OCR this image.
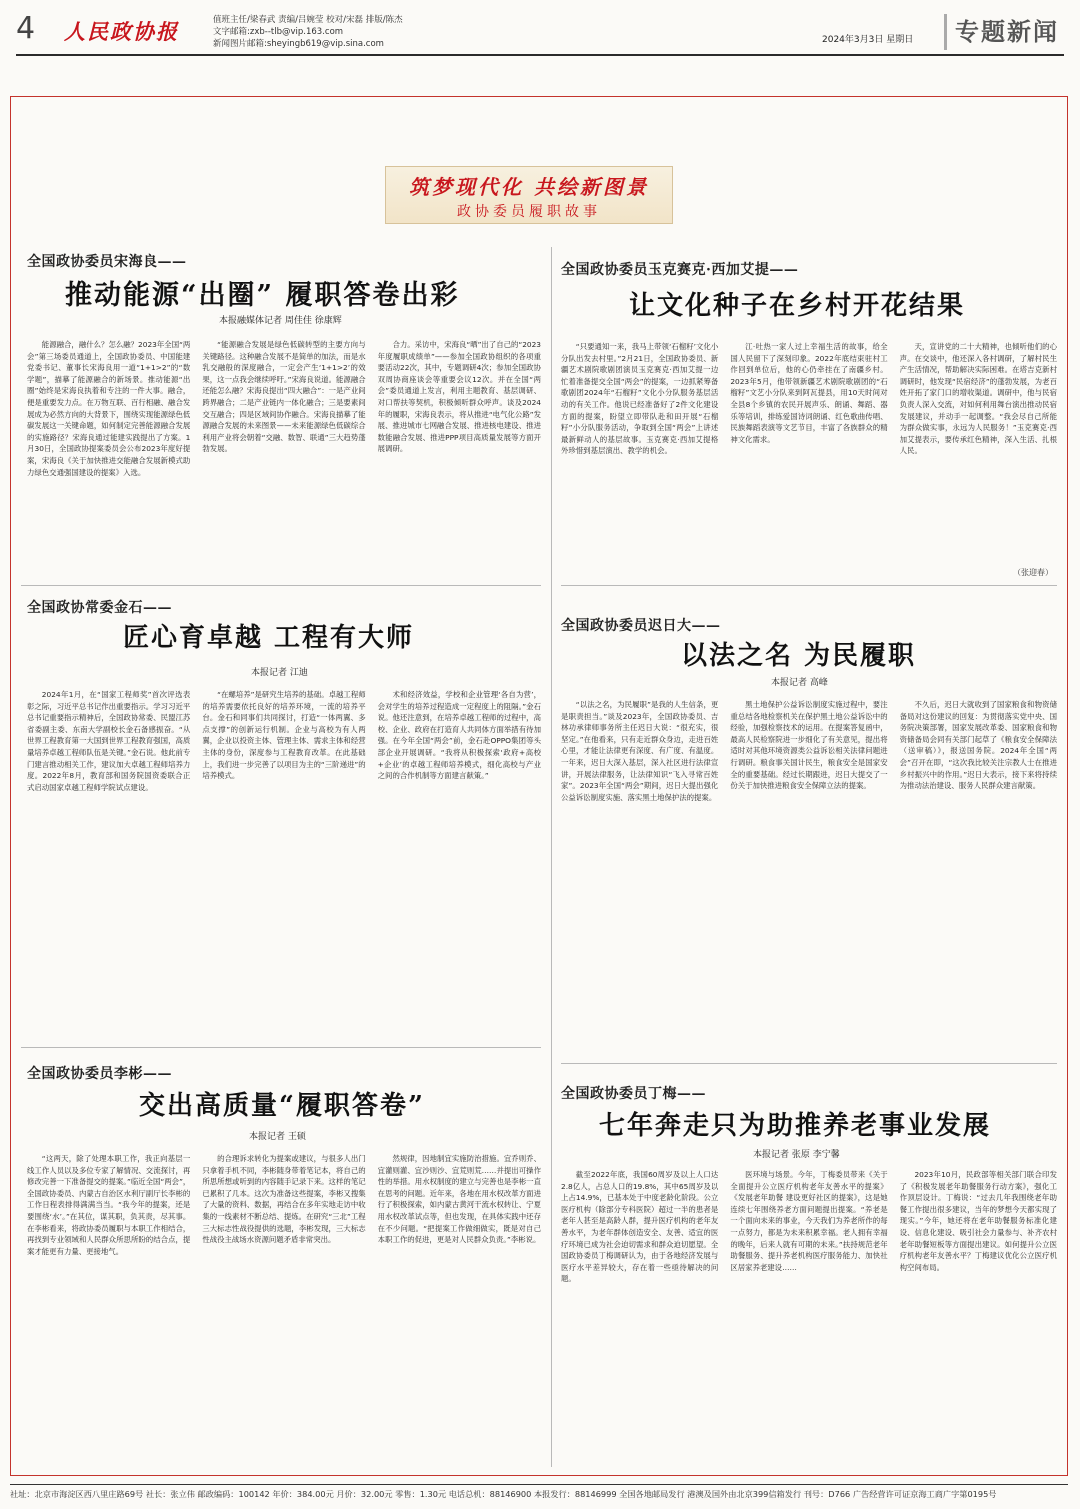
4	人民政协报	值班主任/梁春武 责编/吕婉莹 校对/宋磊 排版/陈杰
文字邮箱:zxb--tlb@vip.163.com
新闻图片邮箱:sheyingb619@vip.sina.com	2024年3月3日 星期日	专题新闻
筑梦现代化 共绘新图景
政协委员履职故事
全国政协委员宋海良——
推动能源“出圈” 履职答卷出彩
本报融媒体记者 周佳佳 徐康辉

能源融合，融什么？怎么融？2023年全国“两会”第三场委员通道上，全国政协委员、中国能建党委书记、董事长宋海良用一道“1+1>2”的“数学题”，描摹了能源融合的新场景。推动能源“出圈”始终是宋海良执着和专注的一件大事。融合，便是重要发力点。在万物互联、百行相融、融合发展成为必然方向的大背景下，围绕实现能源绿色低碳发展这一关键命题，如何制定完善能源融合发展的实施路径？宋海良通过能建实践提出了方案。1月30日，全国政协提案委员会公布2023年度好提案，宋海良《关于加快推进交能融合发展新模式助力绿色交通强国建设的提案》入选。

“能源融合发展是绿色低碳转型的主要方向与关键路径。这种融合发展不是简单的加法，而是水乳交融般的深度融合，一定会产生‘1+1>2’的效果，这一点我会继续呼吁。”宋海良说道。能源融合还能怎么融？宋海良提出“四大融合”：一是产业间跨界融合；二是产业链内一体化融合；三是要素间交互融合；四是区域间协作融合。宋海良描摹了能源融合发展的未来图景——未来能源绿色低碳综合利用产业将会朝着“交融、数智、联通”三大趋势蓬勃发展。

合力。采访中，宋海良“晒”出了自己的“2023年度履职成绩单”——参加全国政协组织的各项重要活动22次，其中，专题调研4次；参加全国政协双周协商座谈会等重要会议12次。并在全国“两会”委员通道上发言，利用主题教育、基层调研、对口帮扶等契机，积极倾听群众呼声。谈及2024年的履职，宋海良表示，将从推进“电气化公路”发展、推进城市七网融合发展、推进核电建设、推进数能融合发展、推进PPP项目高质量发展等方面开展调研。

全国政协委员玉克赛克·西加艾提——
让文化种子在乡村开花结果

“只要通知一来，我马上带领‘石榴籽’文化小分队出发去村里。”2月21日，全国政协委员、新疆艺术剧院歌剧团演员玉克赛克·西加艾提一边忙着准备提交全国“两会”的提案，一边抓紧筹备歌剧团2024年“石榴籽”文化小分队服务基层活动的有关工作。他说已经准备好了2件文化建设方面的提案，盼望立即带队赴和田开展“石榴籽”小分队服务活动，争取到全国“两会”上讲述最新鲜动人的基层故事。玉克赛克·西加艾提格外珍惜到基层演出、教学的机会。

江·吐热一家人过上幸福生活的故事，给全国人民留下了深刻印象。2022年底结束驻村工作回到单位后，他的心仍牵挂在了南疆乡村。2023年5月，他带领新疆艺术剧院歌剧团的“石榴籽”文艺小分队来到阿瓦提县，用10天时间对全县8个乡镇的农民开展声乐、朗诵、舞蹈、器乐等培训，排练爱国诗词朗诵、红色歌曲传唱、民族舞蹈表演等文艺节目，丰富了各族群众的精神文化需求。

天，宣讲党的二十大精神，也倾听他们的心声。在交谈中，他还深入各村调研，了解村民生产生活情况，帮助解决实际困难。在塔吉克新村调研时，他发现“民宿经济”的蓬勃发展，为老百姓开拓了家门口的增收渠道。调研中，他与民宿负责人深入交流，对如何利用舞台演出推动民宿发展建议，并动手一起调整。“我会尽自己所能为群众做实事，永远为人民服务！”玉克赛克·西加艾提表示，要传承红色精神，深入生活、扎根人民。

（张迎春）
全国政协常委金石——
匠心育卓越 工程有大师
本报记者 江迪

2024年1月，在“国家工程师奖”首次评选表彰之际，习近平总书记作出重要指示。学习习近平总书记重要指示精神后，全国政协常委、民盟江苏省委副主委、东南大学副校长金石备感振奋。“从世界工程教育第一大国到世界工程教育强国，高质量培养卓越工程师队伍是关键。”金石说。他此前专门建言推动相关工作，建议加大卓越工程师培养力度。2022年8月，教育部和国务院国资委联合正式启动国家卓越工程师学院试点建设。

“在螺培养”是研究生培养的基础。卓越工程师的培养需要依托良好的培养环境，一流的培养平台。金石和同事们共同探讨，打造“一体两翼、多点支撑”的创新运行机制。企业与高校为有人两翼，企业以投资主体、管理主体、需求主体和经营主体的身份，深度参与工程教育改革。在此基础上，我们进一步完善了以项目为主的“三阶递进”的培养模式。

术和经济效益，学校和企业管理‘各自为营’，会对学生的培养过程造成一定程度上的阻隔。”金石说。他还注意到，在培养卓越工程师的过程中，高校、企业、政府在打造育人共同体方面举措有待加强。在今年全国“两会”前，金石赴OPPO集团等头部企业开展调研。“我将从积极探索‘政府+高校+企业’的卓越工程师培养模式，细化高校与产业之间的合作机制等方面建言献策。”

全国政协委员迟日大——
以法之名 为民履职
本报记者 高峰

“以法之名，为民履职”是我的人生信条，更是职责担当。”谈及2023年，全国政协委员、吉林功承律师事务所主任迟日大说：“很充实，很坚定。”在他看来，只有走近群众身边，走进百姓心里，才能让法律更有深度、有广度、有温度。一年来，迟日大深入基层，深入社区进行法律宣讲，开展法律服务，让法律知识“飞入寻常百姓家”。2023年全国“两会”期间，迟日大提出强化公益诉讼制度实施、落实黑土地保护法的提案。

黑土地保护公益诉讼制度实施过程中，要注重总结各地检察机关在保护黑土地公益诉讼中的经验，加强检察技术的运用。在提案答复函中，最高人民检察院进一步细化了有关意见，提出将适时对其他环境资源类公益诉讼相关法律问题进行调研。粮食事关国计民生，粮食安全是国家安全的重要基础。经过长期跟进，迟日大提交了一份关于加快推进粮食安全保障立法的提案。

不久后，迟日大就收到了国家粮食和物资储备局对这份建议的回复：为贯彻落实党中央、国务院决策部署，国家发展改革委、国家粮食和物资储备局会同有关部门起草了《粮食安全保障法（送审稿）》，报送国务院。2024年全国“两会”召开在即，“这次我比较关注宗教人士在推进乡村振兴中的作用。”迟日大表示，接下来将持续为推动法治建设、服务人民群众建言献策。

全国政协委员李彬——
交出高质量“履职答卷”
本报记者 王硕

“这两天，除了处理本职工作，我正向基层一线工作人员以及多位专家了解情况、交流探讨，再修改完善一下准备提交的提案。”临近全国“两会”，全国政协委员、内蒙古自治区水利厅副厅长李彬的工作日程表排得满满当当。“我今年的提案，还是要围绕‘水’。”在其位，谋其职，负其责，尽其事。在李彬看来，将政协委员履职与本职工作相结合，再找到专业领域和人民群众所思所盼的结合点，提案才能更有力量、更接地气。

的合理诉求转化为提案或建议，与很多人出门只拿着手机不同，李彬随身带着笔记本，将自己的所思所想或听到的内容随手记录下来。这样的笔记已累积了几本。这次为准备这些提案，李彬又搜集了大量的资料、数据，再结合在多年实地走访中收集的一线素材不断总结、提炼。在研究“三北”工程三大标志性战役提供的选题，李彬发现，三大标志性战役主战场水资源问题矛盾非常突出。

然规律，因地制宜实施防治措施。宜乔则乔、宜灌则灌、宜沙则沙、宜荒则荒……并提出可操作性的举措。用水权制度的建立与完善也是李彬一直在思考的问题。近年来，各地在用水权改革方面进行了积极探索，如内蒙古黄河干流水权转让、宁夏用水权改革试点等，但也发现，在具体实践中还存在不少问题。“把提案工作做细做实，既是对自己本职工作的促进，更是对人民群众负责。”李彬说。

全国政协委员丁梅——
七年奔走只为助推养老事业发展
本报记者 张原 李宁馨

截至2022年底，我国60周岁及以上人口达2.8亿人，占总人口的19.8%，其中65周岁及以上占14.9%，已基本处于中度老龄化阶段。公立医疗机构（除部分专科医院）超过一半的患者是老年人甚至是高龄人群，提升医疗机构的老年友善水平，为老年群体创造安全、友善、适宜的医疗环境已成为社会迫切需求和群众迫切愿望。全国政协委员丁梅调研认为，由于各地经济发展与医疗水平差异较大，存在着一些亟待解决的问题。

医环境与场景。今年，丁梅委员带来《关于全面提升公立医疗机构老年友善水平的提案》《发展老年助餐 建设更好社区的提案》，这是她连续七年围绕养老方面问题提出提案。“养老是一个面向未来的事业，今天我们为养老所作的每一点努力，都是为未来积累幸福。老人拥有幸福的晚年，后来人就有可期的未来。”扶持规范老年助餐服务、提升养老机构医疗服务能力、加快社区居家养老建设……

2023年10月，民政部等相关部门联合印发了《积极发展老年助餐服务行动方案》，强化工作顶层设计。丁梅说：“过去几年我围绕老年助餐工作提出很多建议，当年的梦想今天都实现了现实。”今年，她还将在老年助餐服务标准化建设、信息化建设、吸引社会力量参与、补齐农村老年助餐短板等方面提出建议。如何提升公立医疗机构老年友善水平？丁梅建议优化公立医疗机构空间布局。

社址：北京市海淀区西八里庄路69号 社长：张立伟 邮政编码：100142 年价：384.00元 月价：32.00元 零售：1.30元 电话总机：88146900 本报发行：88146999 全国各地邮局发行 港澳及国外由北京399信箱发行 刊号：D766 广告经营许可证京海工商广字第0195号
